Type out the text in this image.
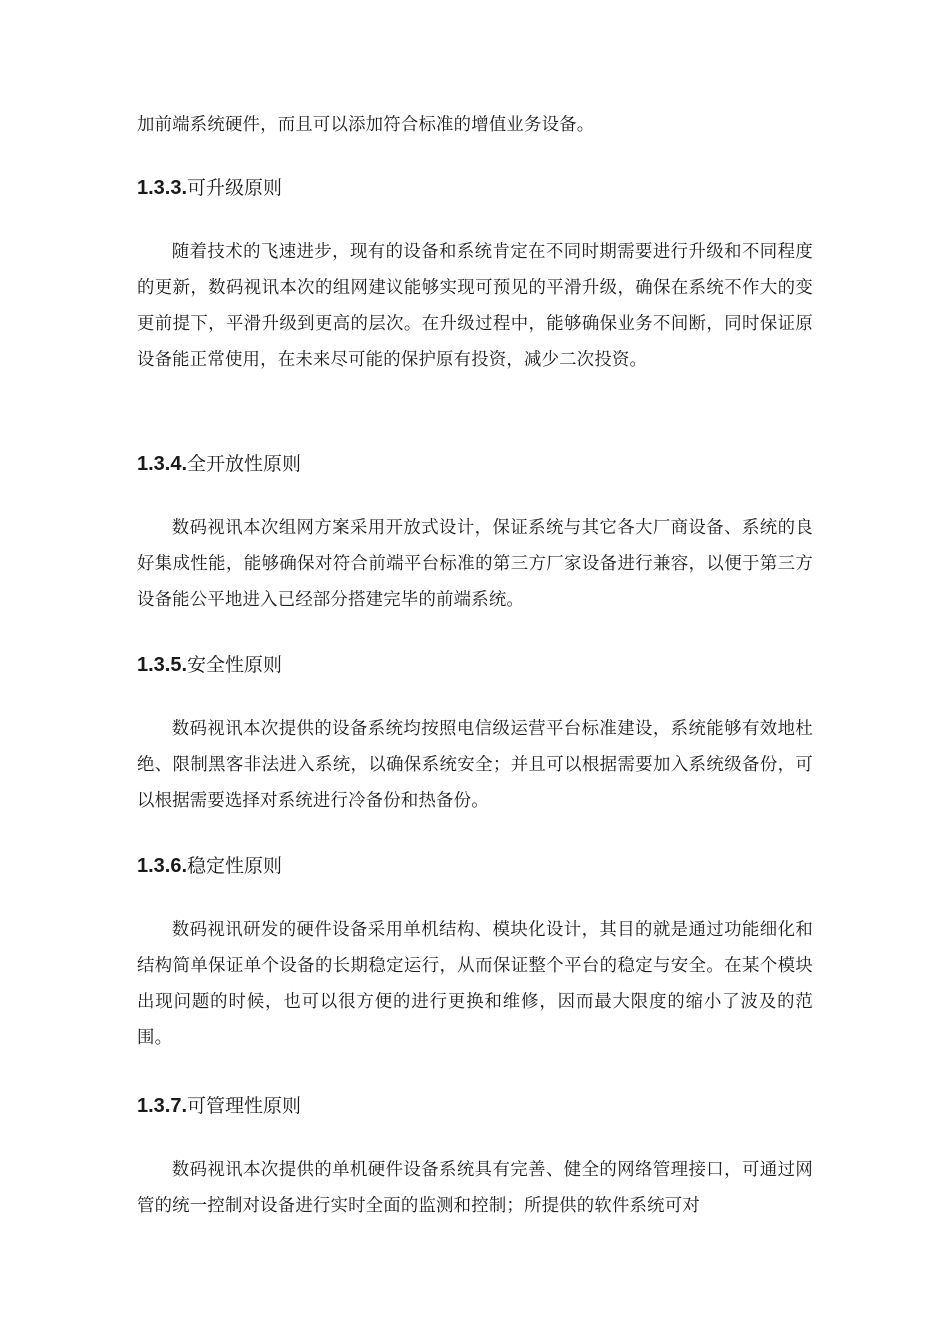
加前端系统硬件，而且可以添加符合标准的增值业务设备。

1.3.3.可升级原则

随着技术的飞速进步，现有的设备和系统肯定在不同时期需要进行升级和不同程度的更新，数码视讯本次的组网建议能够实现可预见的平滑升级，确保在系统不作大的变更前提下，平滑升级到更高的层次。在升级过程中，能够确保业务不间断，同时保证原设备能正常使用，在未来尽可能的保护原有投资，减少二次投资。

1.3.4.全开放性原则

数码视讯本次组网方案采用开放式设计，保证系统与其它各大厂商设备、系统的良好集成性能，能够确保对符合前端平台标准的第三方厂家设备进行兼容，以便于第三方设备能公平地进入已经部分搭建完毕的前端系统。

1.3.5.安全性原则

数码视讯本次提供的设备系统均按照电信级运营平台标准建设，系统能够有效地杜绝、限制黑客非法进入系统，以确保系统安全；并且可以根据需要加入系统级备份，可以根据需要选择对系统进行冷备份和热备份。

1.3.6.稳定性原则

数码视讯研发的硬件设备采用单机结构、模块化设计，其目的就是通过功能细化和结构简单保证单个设备的长期稳定运行，从而保证整个平台的稳定与安全。在某个模块出现问题的时候，也可以很方便的进行更换和维修，因而最大限度的缩小了波及的范围。

1.3.7.可管理性原则

数码视讯本次提供的单机硬件设备系统具有完善、健全的网络管理接口，可通过网管的统一控制对设备进行实时全面的监测和控制；所提供的软件系统可对
